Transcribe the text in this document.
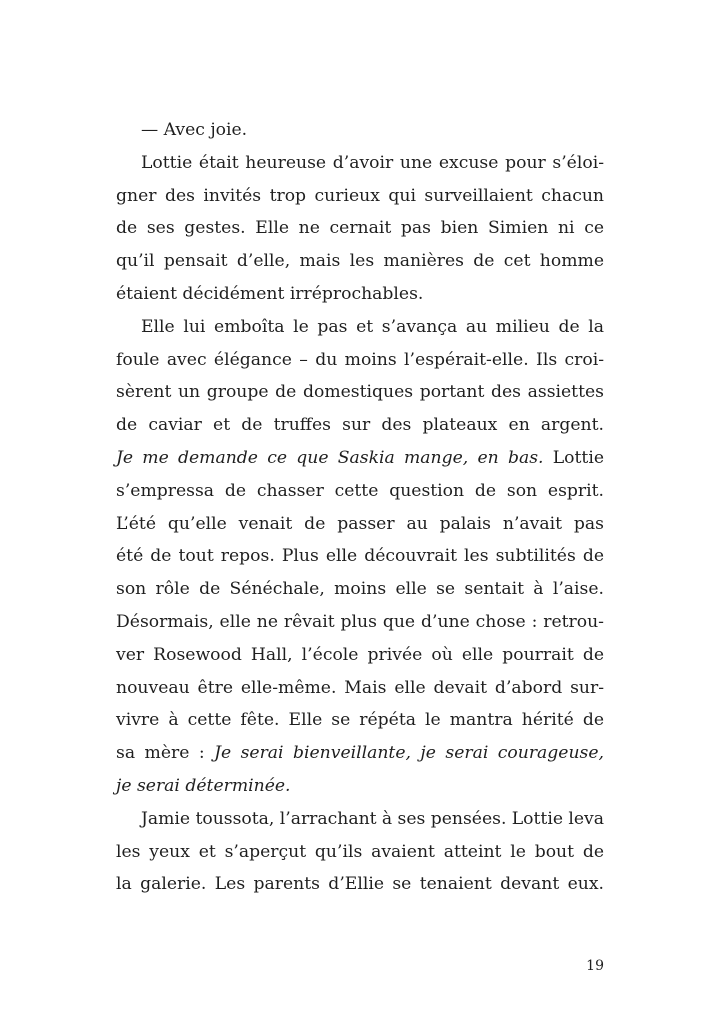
— Avec joie.
Lottie était heureuse d’avoir une excuse pour s’éloi-
gner des invités trop curieux qui surveillaient chacun
de ses gestes. Elle ne cernait pas bien Simien ni ce
qu’il pensait d’elle, mais les manières de cet homme
étaient décidément irréprochables.
Elle lui emboîta le pas et s’avança au milieu de la
foule avec élégance – du moins l’espérait-elle. Ils croi-
sèrent un groupe de domestiques portant des assiettes
de caviar et de truffes sur des plateaux en argent.
Je me demande ce que Saskia mange, en bas. Lottie
s’empressa de chasser cette question de son esprit.
L’été qu’elle venait de passer au palais n’avait pas
été de tout repos. Plus elle découvrait les subtilités de
son rôle de Sénéchale, moins elle se sentait à l’aise.
Désormais, elle ne rêvait plus que d’une chose : retrou-
ver Rosewood Hall, l’école privée où elle pourrait de
nouveau être elle-même. Mais elle devait d’abord sur-
vivre à cette fête. Elle se répéta le mantra hérité de
sa mère : Je serai bienveillante, je serai courageuse,
je serai déterminée.
Jamie toussota, l’arrachant à ses pensées. Lottie leva
les yeux et s’aperçut qu’ils avaient atteint le bout de
la galerie. Les parents d’Ellie se tenaient devant eux.
19
